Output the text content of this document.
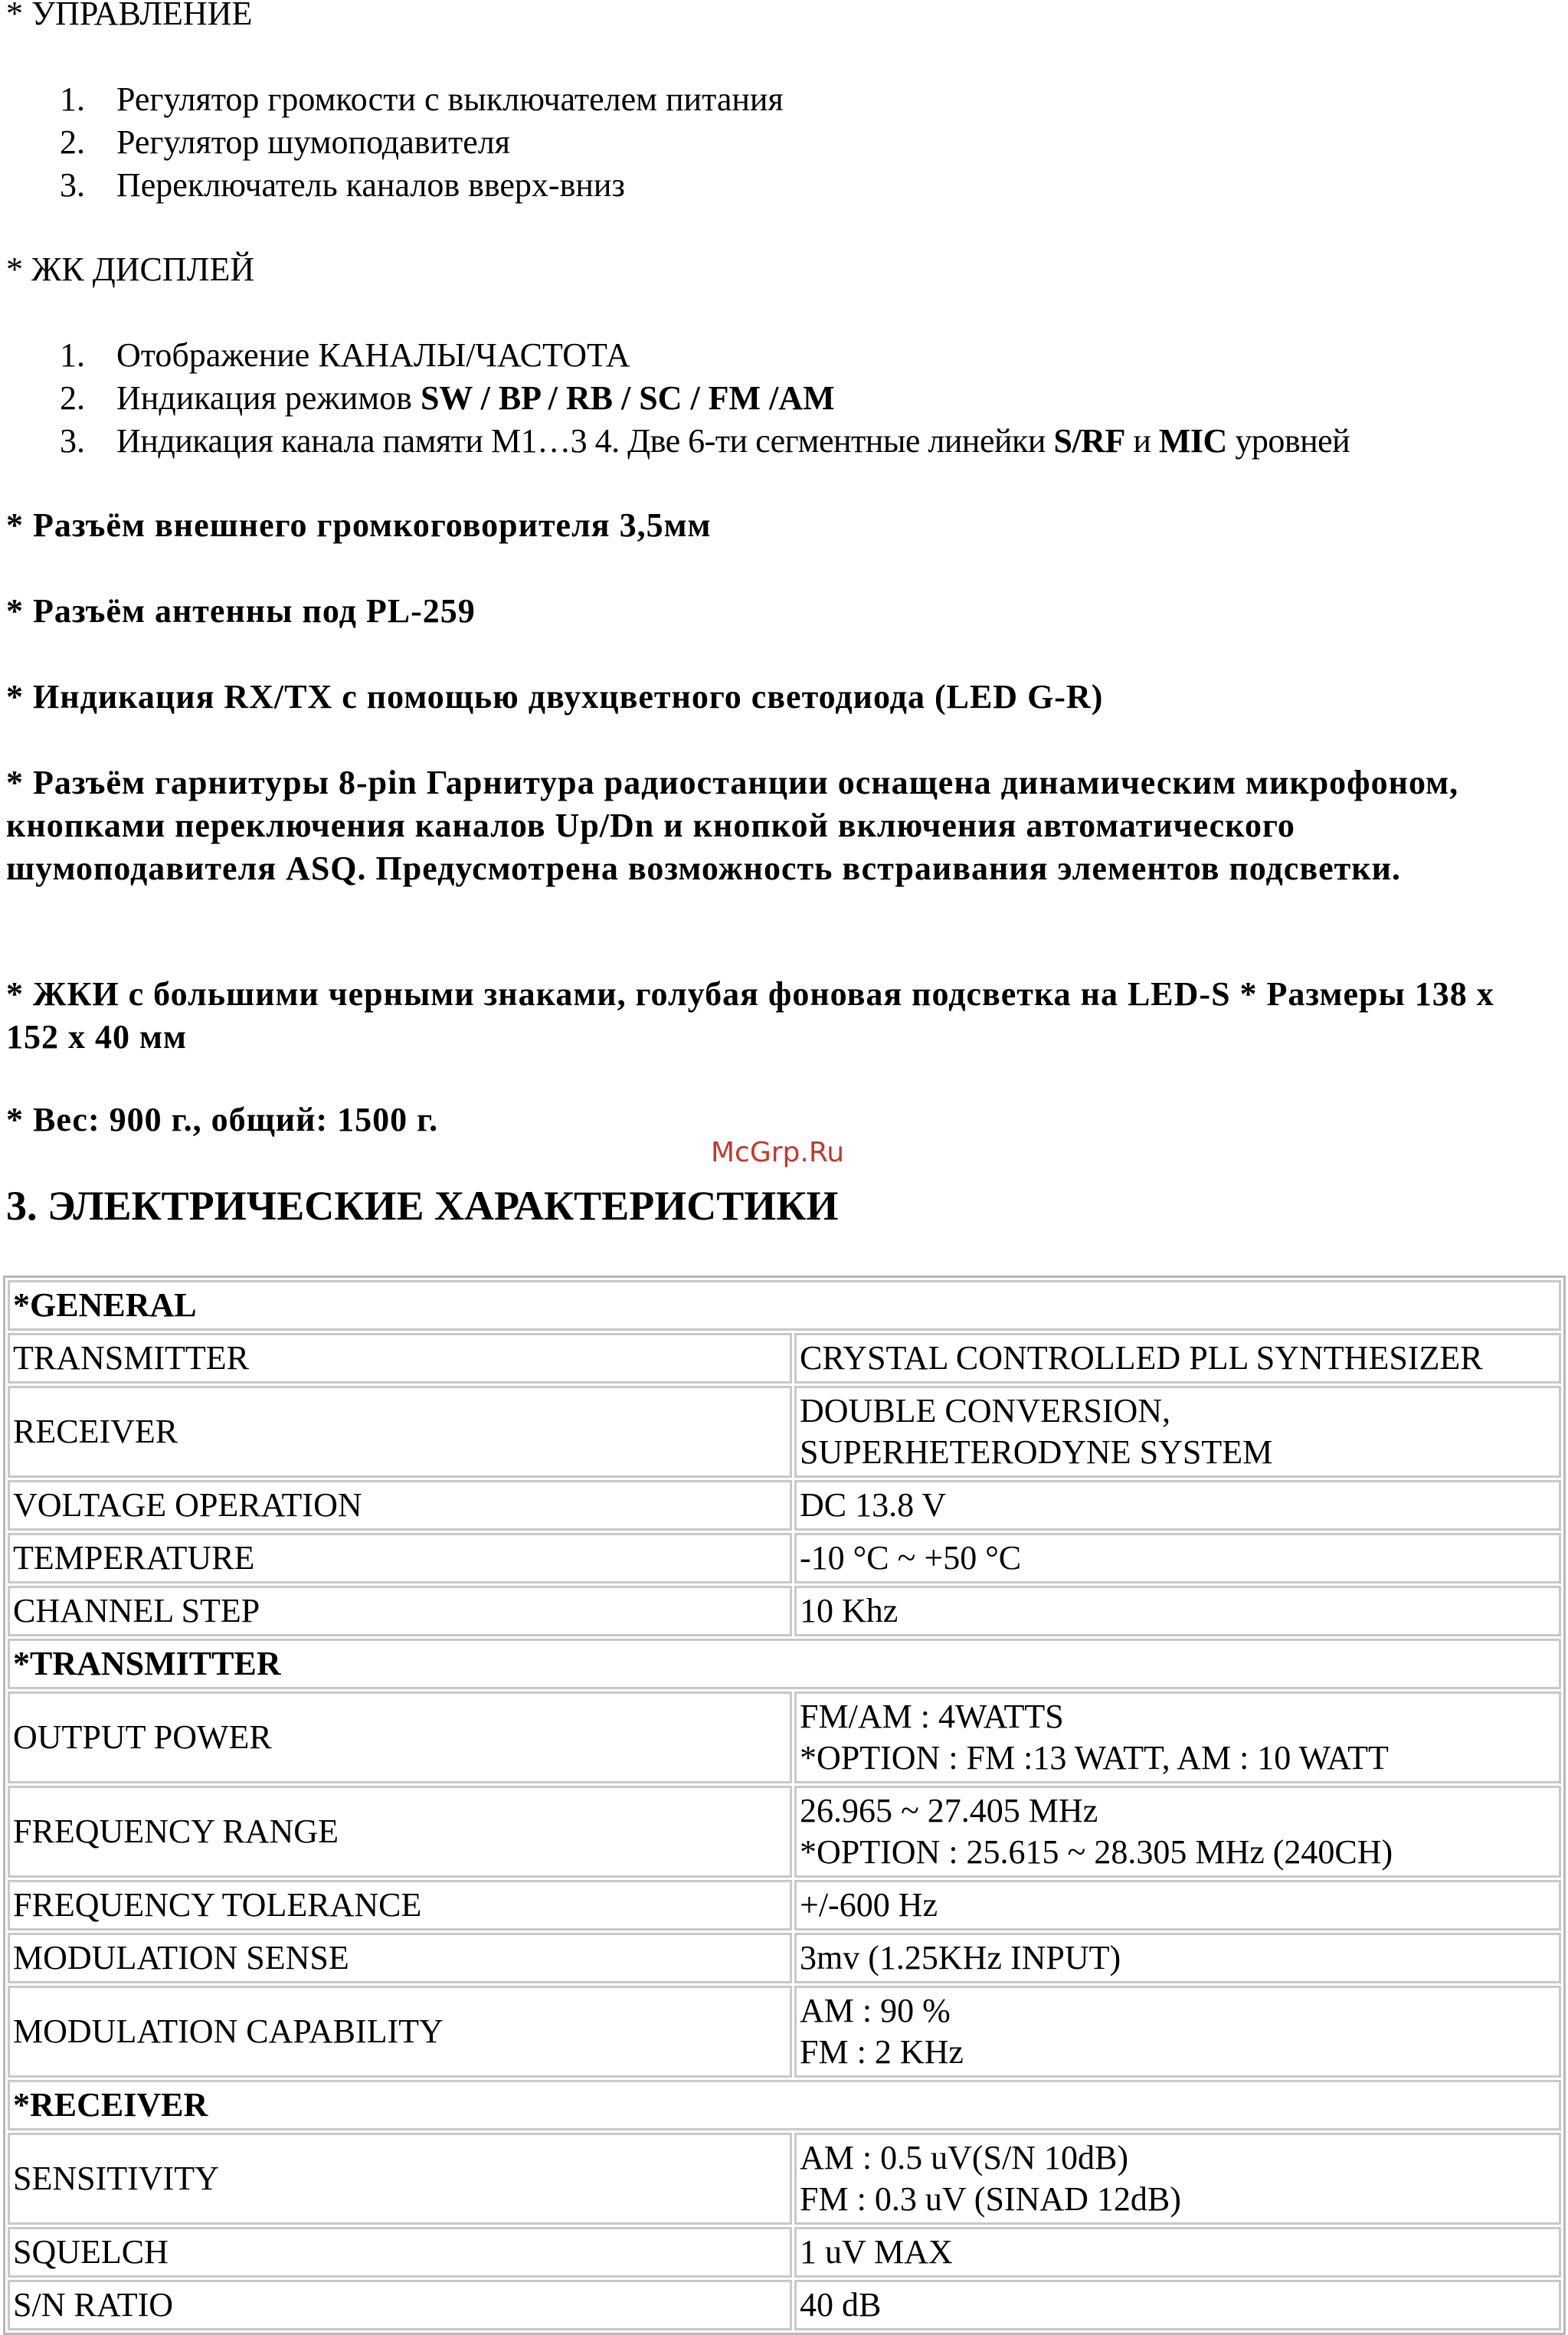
* УПРАВЛЕНИЕ
1. Регулятор громкости с выключателем питания
2. Регулятор шумоподавителя
3. Переключатель каналов вверх-вниз
* ЖК ДИСПЛЕЙ
1. Отображение КАНАЛЫ/ЧАСТОТА
2. Индикация режимов SW / BP / RB / SC / FM /AM
3. Индикация канала памяти М1…3 4. Две 6-ти сегментные линейки S/RF и MIC уровней
* Разъём внешнего громкоговорителя 3,5мм
* Разъём антенны под PL-259
* Индикация RX/TX с помощью двухцветного светодиода (LED G-R)
* Разъём гарнитуры 8-pin Гарнитура радиостанции оснащена динамическим микрофоном, кнопками переключения каналов Up/Dn и кнопкой включения автоматического шумоподавителя ASQ. Предусмотрена возможность встраивания элементов подсветки.
* ЖКИ с большими черными знаками, голубая фоновая подсветка на LED-S * Размеры 138 х 152 х 40 мм
* Вес: 900 г., общий: 1500 г.
McGrp.Ru
3. ЭЛЕКТРИЧЕСКИЕ ХАРАКТЕРИСТИКИ
*GENERAL	
TRANSMITTER	CRYSTAL CONTROLLED PLL SYNTHESIZER
RECEIVER	DOUBLE CONVERSION,
SUPERHETERODYNE SYSTEM

VOLTAGE OPERATION	DC 13.8 V
TEMPERATURE	-10 °C ~ +50 °C
CHANNEL STEP	10 Khz
*TRANSMITTER	
OUTPUT POWER	FM/AM : 4WATTS
*OPTION : FM :13 WATT, AM : 10 WATT

FREQUENCY RANGE	26.965 ~ 27.405 MHz
*OPTION : 25.615 ~ 28.305 MHz (240CH)

FREQUENCY TOLERANCE	+/-600 Hz
MODULATION SENSE	3mv (1.25KHz INPUT)
MODULATION CAPABILITY	AM : 90 %
FM : 2 KHz

*RECEIVER	
SENSITIVITY	AM : 0.5 uV(S/N 10dB)
FM : 0.3 uV (SINAD 12dB)

SQUELCH	1 uV MAX
S/N RATIO	40 dB
